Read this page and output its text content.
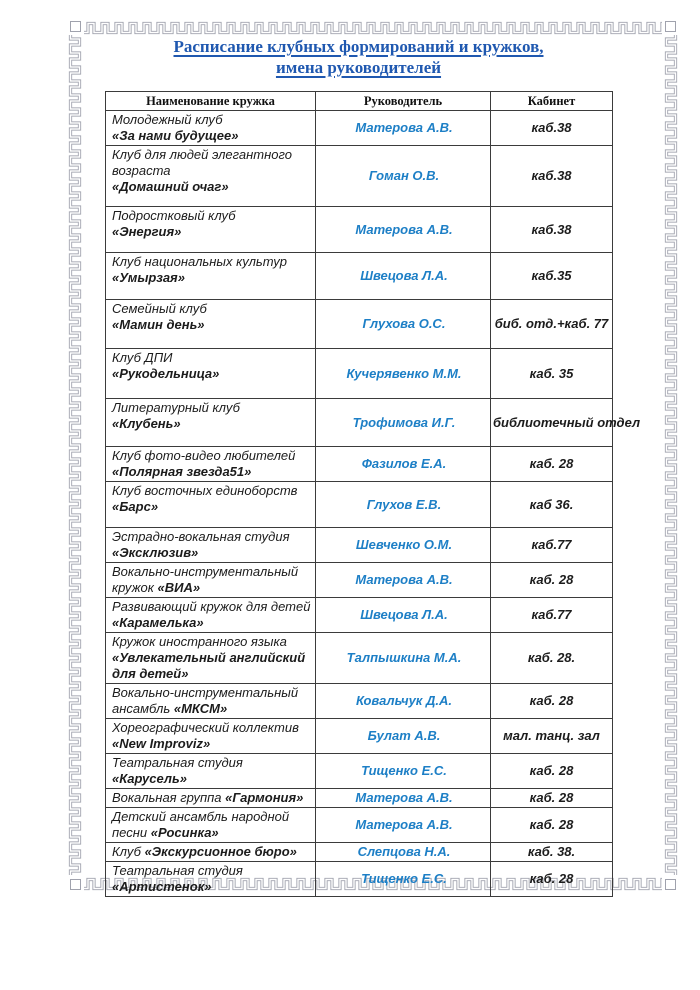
Расписание клубных формирований и кружков,
имена руководителей
Наименование кружка	Руководитель	Кабинет
Молодежный клуб
«За нами будущее»	Матерова А.В.	каб.38
Клуб для людей элегантного возраста
«Домашний очаг»	Гоман О.В.	каб.38
Подростковый клуб
«Энергия»	Матерова А.В.	каб.38
Клуб национальных культур
«Умырзая»	Швецова Л.А.	каб.35
Семейный клуб
«Мамин день»	Глухова О.С.	биб. отд.+каб. 77
Клуб ДПИ
«Рукодельница»	Кучерявенко М.М.	каб. 35
Литературный клуб
«Клубень»	Трофимова И.Г.	библиотечный отдел
Клуб фото-видео любителей
«Полярная звезда51»	Фазилов Е.А.	каб. 28
Клуб восточных единоборств
«Барс»	Глухов Е.В.	каб 36.
Эстрадно-вокальная студия
«Эксклюзив»	Шевченко О.М.	каб.77
Вокально-инструментальный кружок «ВИА»	Матерова А.В.	каб. 28
Развивающий кружок для детей
«Карамелька»	Швецова Л.А.	каб.77
Кружок иностранного языка
«Увлекательный английский для детей»	Талпышкина М.А.	каб. 28.
Вокально-инструментальный ансамбль «МКСМ»	Ковальчук Д.А.	каб. 28
Хореографический коллектив
«New Improviz»	Булат А.В.	мал. танц. зал
Театральная студия «Карусель»	Тищенко Е.С.	каб. 28
Вокальная группа «Гармония»	Матерова А.В.	каб. 28
Детский ансамбль народной песни «Росинка»	Матерова А.В.	каб. 28
Клуб «Экскурсионное бюро»	Слепцова Н.А.	каб. 38.
Театральная студия
«Артистенок»	Тищенко Е.С.	каб. 28
